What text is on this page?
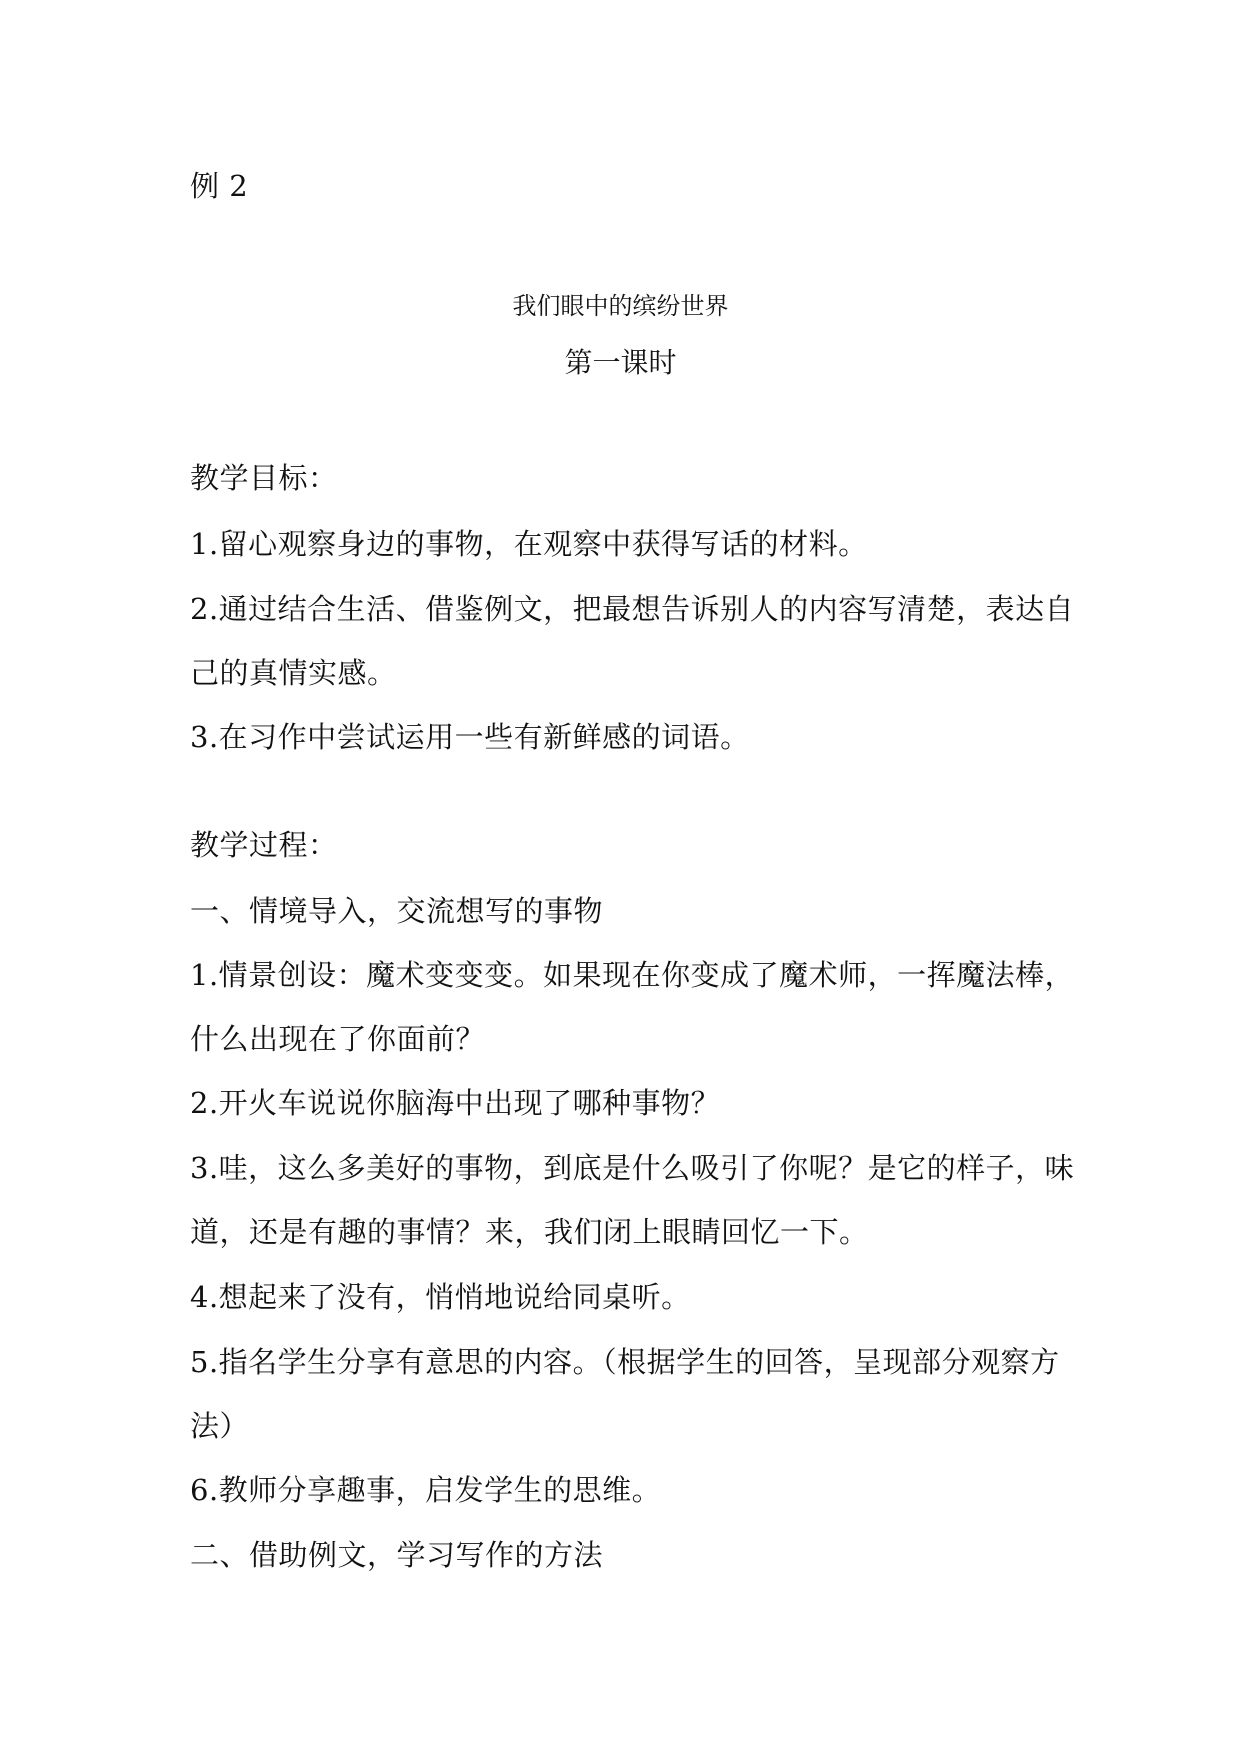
例 2
我们眼中的缤纷世界
第一课时
教学目标：
1.留心观察身边的事物，在观察中获得写话的材料。
2.通过结合生活、借鉴例文，把最想告诉别人的内容写清楚，表达自
己的真情实感。
3.在习作中尝试运用一些有新鲜感的词语。
教学过程：
一、情境导入，交流想写的事物
1.情景创设：魔术变变变。如果现在你变成了魔术师，一挥魔法棒，
什么出现在了你面前？
2.开火车说说你脑海中出现了哪种事物？
3.哇，这么多美好的事物，到底是什么吸引了你呢？是它的样子，味
道，还是有趣的事情？来，我们闭上眼睛回忆一下。
4.想起来了没有，悄悄地说给同桌听。
5.指名学生分享有意思的内容。（根据学生的回答，呈现部分观察方
法）
6.教师分享趣事，启发学生的思维。
二、借助例文，学习写作的方法
